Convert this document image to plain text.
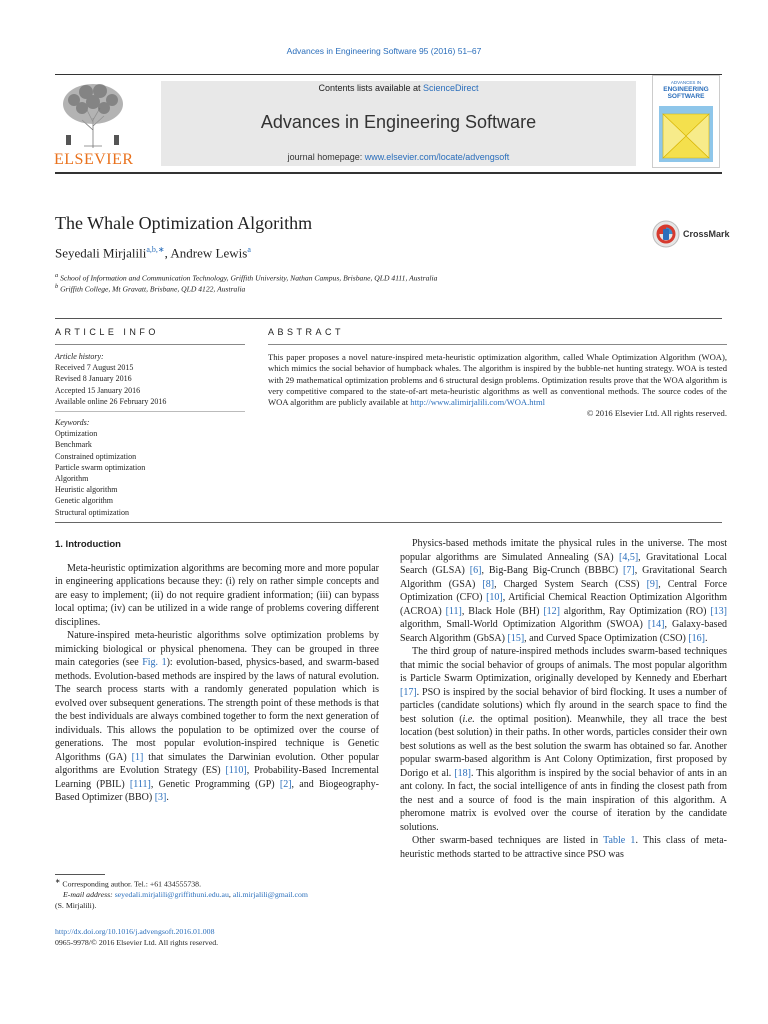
Advances in Engineering Software 95 (2016) 51–67
ELSEVIER
Contents lists available at ScienceDirect
Advances in Engineering Software
journal homepage: www.elsevier.com/locate/advengsoft
ADVANCES IN
ENGINEERING
SOFTWARE
The Whale Optimization Algorithm
CrossMark
Seyedali Mirjalili$^{a,b,∗}$, Andrew Lewis$^a$
$^a$ School of Information and Communication Technology, Griffith University, Nathan Campus, Brisbane, QLD 4111, Australia
$^b$ Griffith College, Mt Gravatt, Brisbane, QLD 4122, Australia
ARTICLE INFO	ABSTRACT
Article history:
Received 7 August 2015
Revised 8 January 2016
Accepted 15 January 2016
Available online 26 February 2016
Keywords:
Optimization
Benchmark
Constrained optimization
Particle swarm optimization
Algorithm
Heuristic algorithm
Genetic algorithm
Structural optimization
This paper proposes a novel nature-inspired meta-heuristic optimization algorithm, called Whale Optimization Algorithm (WOA), which mimics the social behavior of humpback whales. The algorithm is inspired by the bubble-net hunting strategy. WOA is tested with 29 mathematical optimization problems and 6 structural design problems. Optimization results prove that the WOA algorithm is very competitive compared to the state-of-art meta-heuristic algorithms as well as conventional methods. The source codes of the WOA algorithm are publicly available at http://www.alimirjalili.com/WOA.html
© 2016 Elsevier Ltd. All rights reserved.
1. Introduction

Meta-heuristic optimization algorithms are becoming more and more popular in engineering applications because they: (i) rely on rather simple concepts and are easy to implement; (ii) do not require gradient information; (iii) can bypass local optima; (iv) can be utilized in a wide range of problems covering different disciplines.

Nature-inspired meta-heuristic algorithms solve optimization problems by mimicking biological or physical phenomena. They can be grouped in three main categories (see Fig. 1): evolution-based, physics-based, and swarm-based methods. Evolution-based methods are inspired by the laws of natural evolution. The search process starts with a randomly generated population which is evolved over subsequent generations. The strength point of these methods is that the best individuals are always combined together to form the next generation of individuals. This allows the population to be optimized over the course of generations. The most popular evolution-inspired technique is Genetic Algorithms (GA) [1] that simulates the Darwinian evolution. Other popular algorithms are Evolution Strategy (ES) [110], Probability-Based Incremental Learning (PBIL) [111], Genetic Programming (GP) [2], and Biogeography-Based Optimizer (BBO) [3].

∗ Corresponding author. Tel.: +61 434555738.
E-mail address: seyedali.mirjalili@griffithuni.edu.au, ali.mirjalili@gmail.com
(S. Mirjalili).
http://dx.doi.org/10.1016/j.advengsoft.2016.01.008
0965-9978/© 2016 Elsevier Ltd. All rights reserved.

Physics-based methods imitate the physical rules in the universe. The most popular algorithms are Simulated Annealing (SA) [4,5], Gravitational Local Search (GLSA) [6], Big-Bang Big-Crunch (BBBC) [7], Gravitational Search Algorithm (GSA) [8], Charged System Search (CSS) [9], Central Force Optimization (CFO) [10], Artificial Chemical Reaction Optimization Algorithm (ACROA) [11], Black Hole (BH) [12] algorithm, Ray Optimization (RO) [13] algorithm, Small-World Optimization Algorithm (SWOA) [14], Galaxy-based Search Algorithm (GbSA) [15], and Curved Space Optimization (CSO) [16].

The third group of nature-inspired methods includes swarm-based techniques that mimic the social behavior of groups of animals. The most popular algorithm is Particle Swarm Optimization, originally developed by Kennedy and Eberhart [17]. PSO is inspired by the social behavior of bird flocking. It uses a number of particles (candidate solutions) which fly around in the search space to find the best solution (i.e. the optimal position). Meanwhile, they all trace the best location (best solution) in their paths. In other words, particles consider their own best solutions as well as the best solution the swarm has obtained so far. Another popular swarm-based algorithm is Ant Colony Optimization, first proposed by Dorigo et al. [18]. This algorithm is inspired by the social behavior of ants in an ant colony. In fact, the social intelligence of ants in finding the closest path from the nest and a source of food is the main inspiration of this algorithm. A pheromone matrix is evolved over the course of iteration by the candidate solutions.

Other swarm-based techniques are listed in Table 1. This class of meta-heuristic methods started to be attractive since PSO was
